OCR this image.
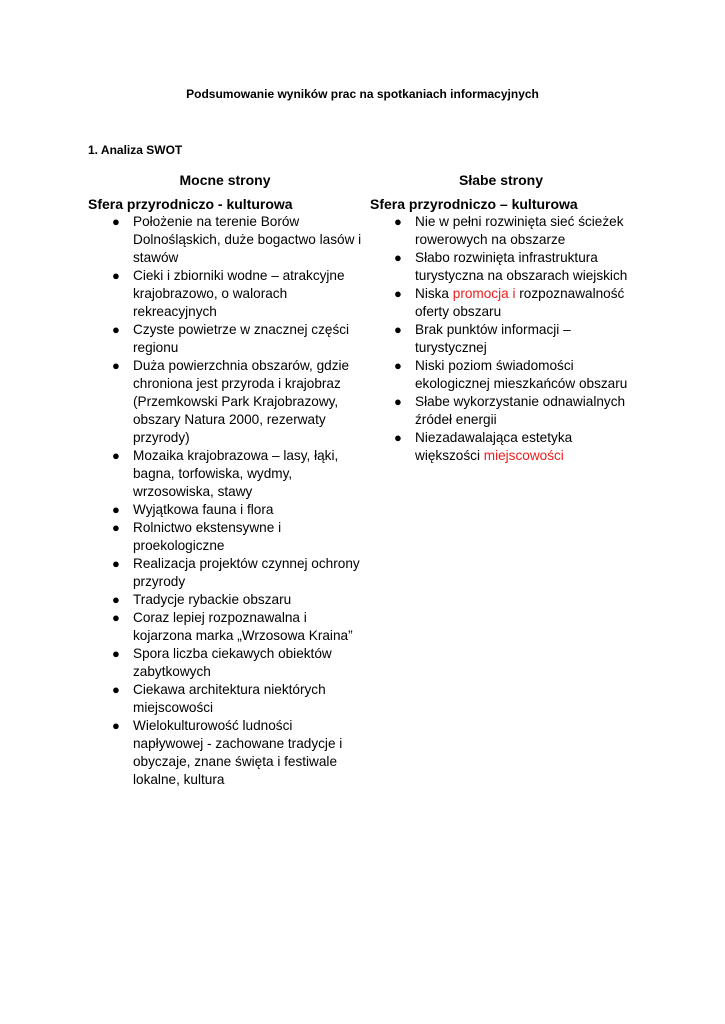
Podsumowanie wyników prac na spotkaniach informacyjnych
1. Analiza SWOT
Mocne strony
Sfera przyrodniczo - kulturowa
● Położenie na terenie Borów Dolnośląskich, duże bogactwo lasów i stawów
● Cieki i zbiorniki wodne – atrakcyjne krajobrazowo, o walorach rekreacyjnych
● Czyste powietrze w znacznej części regionu
● Duża powierzchnia obszarów, gdzie chroniona jest przyroda i krajobraz (Przemkowski Park Krajobrazowy, obszary Natura 2000, rezerwaty przyrody)
● Mozaika krajobrazowa – lasy, łąki, bagna, torfowiska, wydmy, wrzosowiska, stawy
● Wyjątkowa fauna i flora
● Rolnictwo ekstensywne i proekologiczne
● Realizacja projektów czynnej ochrony przyrody
● Tradycje rybackie obszaru
● Coraz lepiej rozpoznawalna i kojarzona marka „Wrzosowa Kraina”
● Spora liczba ciekawych obiektów zabytkowych
● Ciekawa architektura niektórych miejscowości
● Wielokulturowość ludności napływowej - zachowane tradycje i obyczaje, znane święta i festiwale lokalne, kultura
Słabe strony
Sfera przyrodniczo – kulturowa
● Nie w pełni rozwinięta sieć ścieżek rowerowych na obszarze
● Słabo rozwinięta infrastruktura turystyczna na obszarach wiejskich
● Niska promocja i rozpoznawalność oferty obszaru
● Brak punktów informacji – turystycznej
● Niski poziom świadomości ekologicznej mieszkańców obszaru
● Słabe wykorzystanie odnawialnych źródeł energii
● Niezadawalająca estetyka większości miejscowości
